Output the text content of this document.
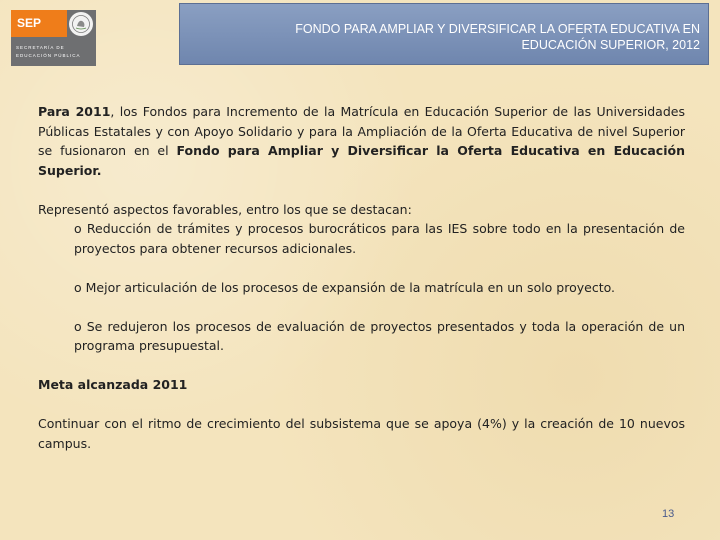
SEP
SECRETARÍA DE
EDUCACIÓN PÚBLICA
FONDO PARA AMPLIAR Y DIVERSIFICAR LA OFERTA EDUCATIVA EN
EDUCACIÓN SUPERIOR, 2012

Para 2011, los Fondos para Incremento de la Matrícula en Educación Superior de las Universidades Públicas Estatales y con Apoyo Solidario y para la Ampliación de la Oferta Educativa de nivel Superior se fusionaron en el Fondo para Ampliar y Diversificar la Oferta Educativa en Educación Superior.

Representó aspectos favorables, entro los que se destacan:

o Reducción de trámites y procesos burocráticos para las IES sobre todo en la presentación de proyectos para obtener recursos adicionales.

o Mejor articulación de los procesos de expansión de la matrícula en un solo proyecto.

o Se redujeron los procesos de evaluación de proyectos presentados y toda la operación de un programa presupuestal.

Meta alcanzada 2011

Continuar con el ritmo de crecimiento del subsistema que se apoya (4%) y la creación de 10 nuevos campus.

13
